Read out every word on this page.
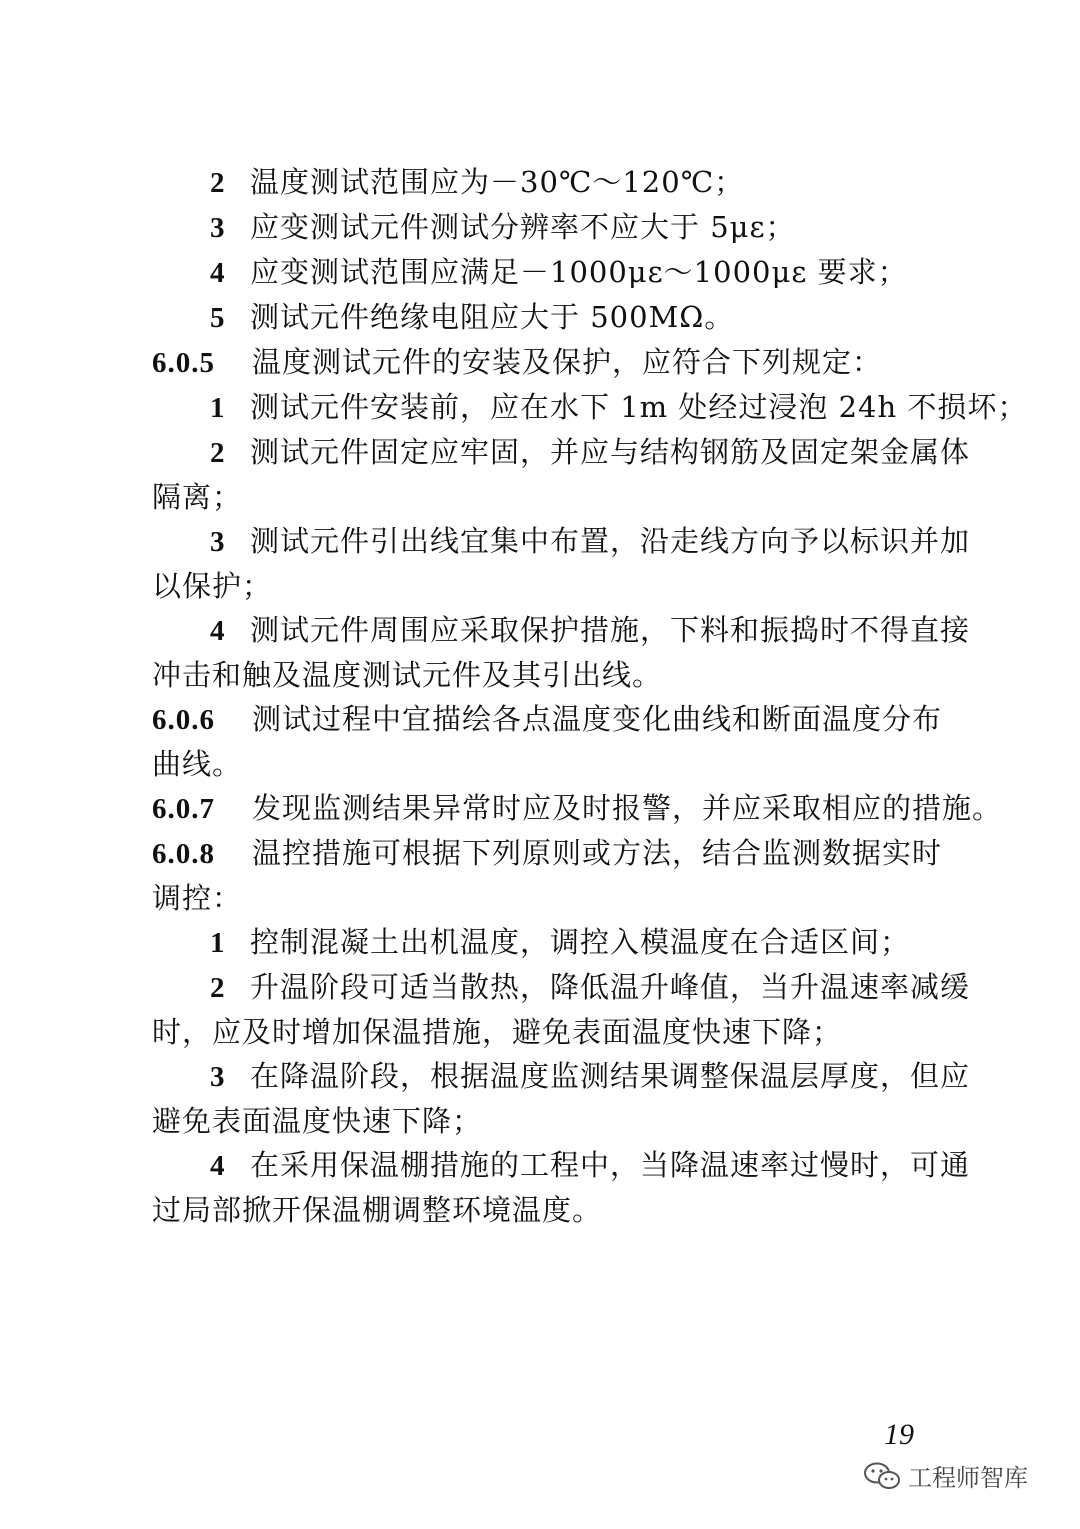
2 温度测试范围应为－30℃～120℃；

3 应变测试元件测试分辨率不应大于 5με；

4 应变测试范围应满足－1000με～1000με 要求；

5 测试元件绝缘电阻应大于 500MΩ。

6.0.5 温度测试元件的安装及保护，应符合下列规定：

1 测试元件安装前，应在水下 1m 处经过浸泡 24h 不损坏；

2 测试元件固定应牢固，并应与结构钢筋及固定架金属体

隔离；

3 测试元件引出线宜集中布置，沿走线方向予以标识并加

以保护；

4 测试元件周围应采取保护措施，下料和振捣时不得直接

冲击和触及温度测试元件及其引出线。

6.0.6 测试过程中宜描绘各点温度变化曲线和断面温度分布

曲线。

6.0.7 发现监测结果异常时应及时报警，并应采取相应的措施。

6.0.8 温控措施可根据下列原则或方法，结合监测数据实时

调控：

1 控制混凝土出机温度，调控入模温度在合适区间；

2 升温阶段可适当散热，降低温升峰值，当升温速率减缓

时，应及时增加保温措施，避免表面温度快速下降；

3 在降温阶段，根据温度监测结果调整保温层厚度，但应

避免表面温度快速下降；

4 在采用保温棚措施的工程中，当降温速率过慢时，可通

过局部掀开保温棚调整环境温度。

19
工程师智库
